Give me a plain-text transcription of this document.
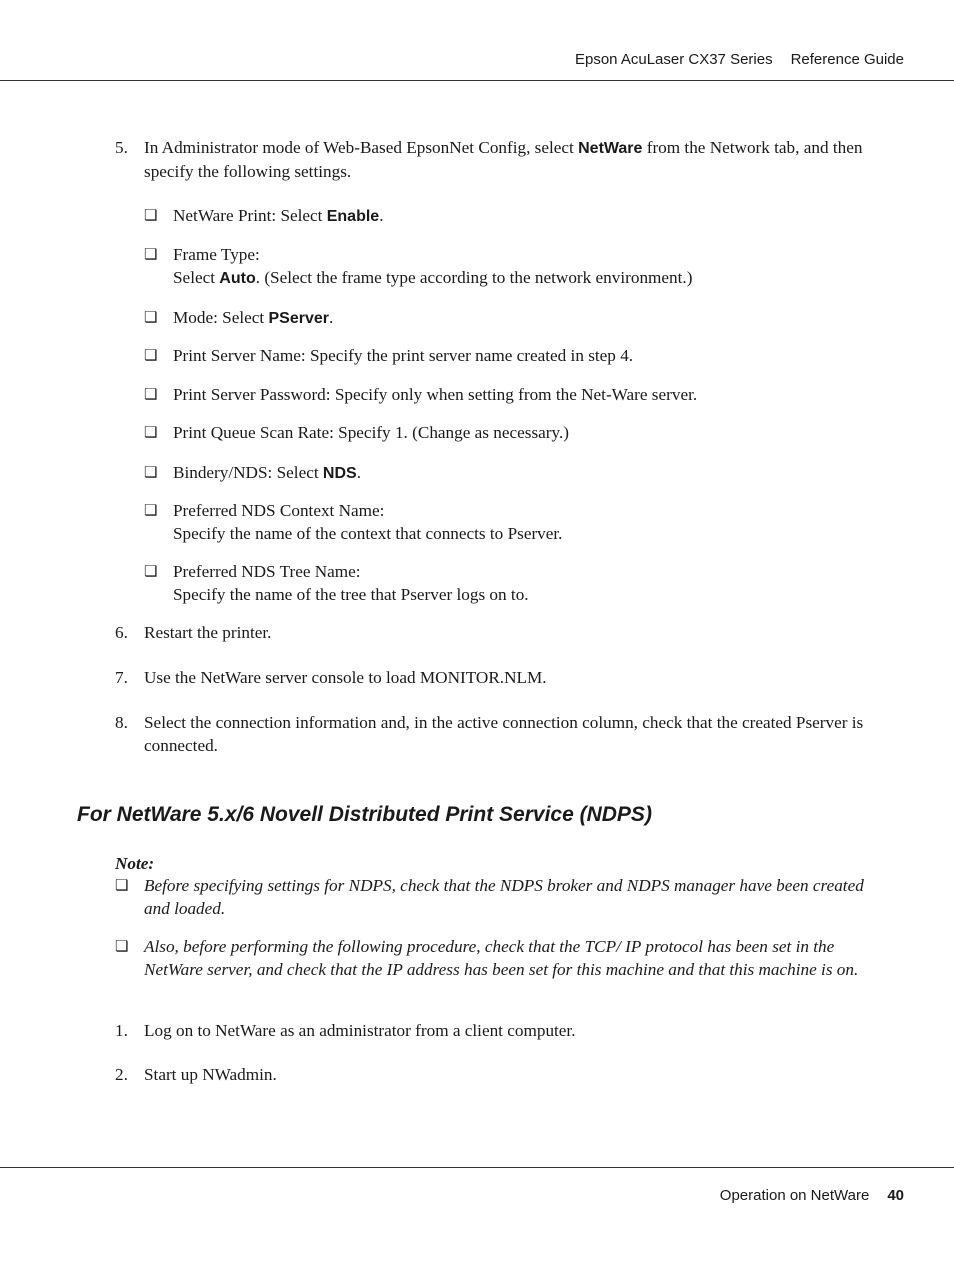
Epson AcuLaser CX37 Series Reference Guide
5. In Administrator mode of Web-Based EpsonNet Config, select NetWare from the Network tab, and then specify the following settings.
❏ NetWare Print: Select Enable.
❏ Frame Type:
Select Auto. (Select the frame type according to the network environment.)
❏ Mode: Select PServer.
❏ Print Server Name: Specify the print server name created in step 4.
❏ Print Server Password: Specify only when setting from the Net-Ware server.
❏ Print Queue Scan Rate: Specify 1. (Change as necessary.)
❏ Bindery/NDS: Select NDS.
❏ Preferred NDS Context Name:
Specify the name of the context that connects to Pserver.
❏ Preferred NDS Tree Name:
Specify the name of the tree that Pserver logs on to.
6. Restart the printer.
7. Use the NetWare server console to load MONITOR.NLM.
8. Select the connection information and, in the active connection column, check that the created Pserver is connected.
For NetWare 5.x/6 Novell Distributed Print Service (NDPS)
Note:
❏ Before specifying settings for NDPS, check that the NDPS broker and NDPS manager have been created and loaded.
❏ Also, before performing the following procedure, check that the TCP/ IP protocol has been set in the NetWare server, and check that the IP address has been set for this machine and that this machine is on.
1. Log on to NetWare as an administrator from a client computer.
2. Start up NWadmin.
Operation on NetWare 40
